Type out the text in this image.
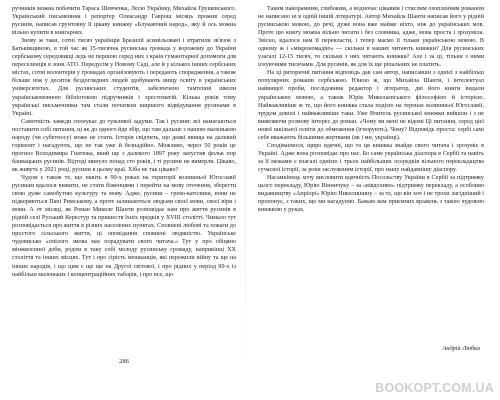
ручників можна побачити Тараса Шевченка, Лесю Українку, Михайла Грушевського. Український письменник і репортер Олександр Гаврош місяць прожив серед русинів, написав грунтовну її цікаву книжку «Блукаючий народ», яку й ось можна вільно купити в книгарнях.

Знову ж таки, сотні тисяч українців Бразилії асимільовані і втратили зв'язок з Батьківщиною, в той час як 15-тисячна русинська громада у ворожому до України сербському середовищі ледь не першою серед них з країн гуманітарної допомоги для переселенців в зони АТО. Передусім у Новому Саді, але й у кількох інших сербських містах, сотні волонтерів у громадах організовують і передають спорядження, а також більше ніж у десяток бездоглядних людей здобувають вищу освіту в українських університетах. Для русинських студентів, забезпечено тамтешні школи українськомовною бібліотекою підручників і хрестоматій. Кілька років тому українські письменники там стали початком ширшого відвідування русинами в Україні.

Самотність завжди спонукає до тужливої задуми. Так і русини: всі намагаються поставити собі питання, ці як до одного йде збір, що там дальше з нашою маленькою народу (чи субетносу) може не стати. Історія свідчить, що деякі явища на далекий горизонт і нагадують, що не так уже й безнадійно. Можливо, через 50 років це прогноз Володимира Гнатюка, який ще з далекого 1897 року запустив фольк пор банвацьких русинів. Відтоді минуло понад сто років, і ті русини не вимерли. Цікаво, як живуть у 2021 році, русини в цьому краї. Хіба не так цікаво?

Чудом є також те, що навіть в 90-х роках на території колишньої Югославії русинам вдалося вижити, не стати біженцями і перейти на мову оточення, зберегти свою дуже самобутню культуру та мову. Адже, русини – греко-католики, вони не підкоряються Папі Римському, а проте залишаються людьми своєї мови, своєї віри і мови. А от місяці, як Роман Миколе Шанти розповідає нам про життя русинів в рідній селі Руський Керестур та пришестя їхніх предків у XVIII столітті. Чимало тут розповідається про життя в різних населених пунктах. Сповнені любові та поваги до простого сільського життя, ці оповідання сповнені людяністю. Українське чудовисько «смілого змова має порадувати свого читача.» Тут у про обіцяно мінжвоєнної доби, родом в таку собі молоду русинську громаду, наприкінці XX століття та інших місцях. Тут і про сірість мешканців, які пережили війну та ще на інших народів, і що цим є ще ще на Другої світової, і про рідних у період 90-х із найбільш маленьких і концентраційних таборів, і про все, що

286

Таким панорамним, глибоким, а водночас цікавим і стислим охопленням романом не написано ні в одній іншій літературі. Автор Михайла Шанти написав його у рідній русинською мовою, до речі, дуже вона вже майже ніхто, ніж до українських мов. Проте цю книгу можна вільно читати і без словника, адже, мова проста і зрозуміла. Звісно, вдалося нам її перекласти, і тепер маємо її тільки українською мовою. В одному ж і «мікрономадію» — скільки в наших читають книжки? Для русинських узагалі 12-15 тисяч, то скільки з них читають книжки? Але і за ці, тільки з ними існуючими тисячами. Для русинів, як для їх ще ріпальних не платить.

На ці риторичні питання відповідь дав сам автор, написавши з однієї з найбільш популярних романів сербською. Юною ж, що Михайла Шанти, і інтелектуал найвищої проби, послідовник редактор і літератор, дві його книги видали українською мовою, а також Юрія Миколаєвського філософією й історією. Найважливіше ж те, що його книжка стала подією на теренах колишньої Югославії, трудом доволі і найважливіше таки. Уже Вчитель русинської книжки вийшли і з не виявляючи розмову інтерес до роман. «Чому ви мені не відомі Ці питання, серед цієї нової шкільної освіти до обмеження (ігнорують). Чому? Відповідь проста: сербі самі себе вважають більшими жертвами (як і ми, українці).

Сподіваємося, щиро вдячні, що та ця книжка знайде свого читача і зрозуміє в Україні. Адже вона розповідає про нас. Бо саме українська діаспора в Сербії та навіть за її межами є взагалі однією і трьох найбільших осередків вільного перекладацтва сучасної історії, за роки заслуженим історії, про нашу найдавнішу діаспору.

Насамкінець хочу висловити вдячність Посольству України в Сербії за підтримку цього перекладу, Юрію Вінничуку – за «вівдоливо» підтримку перекладу, а особливо видавництву «Апріорі» Юрію Николишину – за те, що він хоч і не трохи лагідніший і пропонує, з таких, що ми нагадуємо. Бажаю вам приємних вражень з такою чудовою книжкою у руках.

Андрій Любка
BOOKOPT.COM.UA
